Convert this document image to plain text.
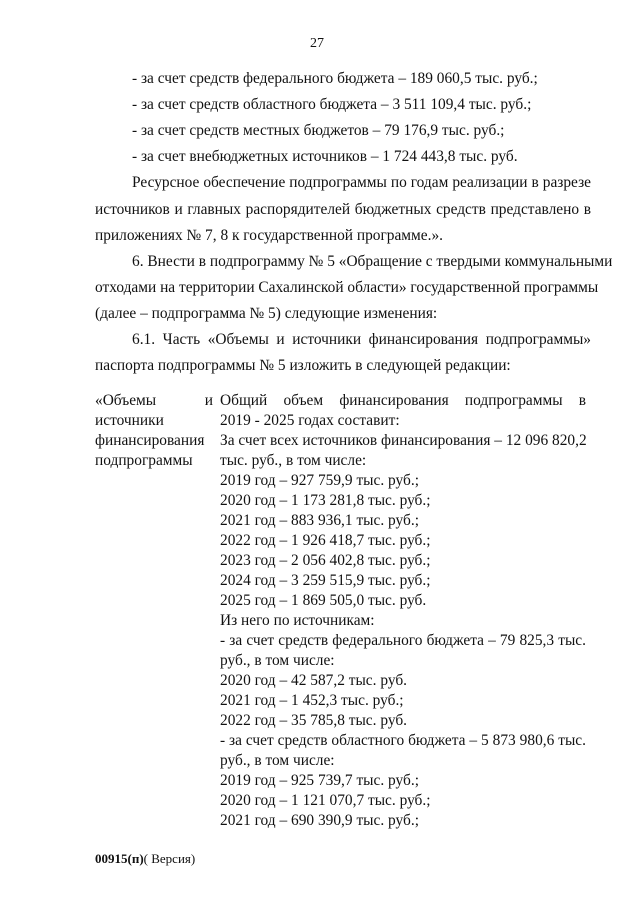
27
- за счет средств федерального бюджета – 189 060,5 тыс. руб.;
- за счет средств областного бюджета – 3 511 109,4 тыс. руб.;
- за счет средств местных бюджетов – 79 176,9 тыс. руб.;
- за счет внебюджетных источников – 1 724 443,8 тыс. руб.
Ресурсное обеспечение подпрограммы по годам реализации в разрезе
источников и главных распорядителей бюджетных средств представлено в
приложениях № 7, 8 к государственной программе.».
6. Внести в подпрограмму № 5 «Обращение с твердыми коммунальными
отходами на территории Сахалинской области» государственной программы
(далее – подпрограмма № 5) следующие изменения:
6.1. Часть «Объемы и источники финансирования подпрограммы»
паспорта подпрограммы № 5 изложить в следующей редакции:
«Объемы и
источники
финансирования
подпрограммы
Общий объем финансирования подпрограммы в
2019 - 2025 годах составит:
За счет всех источников финансирования – 12 096 820,2
тыс. руб., в том числе:
2019 год – 927 759,9 тыс. руб.;
2020 год – 1 173 281,8 тыс. руб.;
2021 год – 883 936,1 тыс. руб.;
2022 год – 1 926 418,7 тыс. руб.;
2023 год – 2 056 402,8 тыс. руб.;
2024 год – 3 259 515,9 тыс. руб.;
2025 год – 1 869 505,0 тыс. руб.
Из него по источникам:
- за счет средств федерального бюджета – 79 825,3 тыс.
руб., в том числе:
2020 год – 42 587,2 тыс. руб.
2021 год – 1 452,3 тыс. руб.;
2022 год – 35 785,8 тыс. руб.
- за счет средств областного бюджета – 5 873 980,6 тыс.
руб., в том числе:
2019 год – 925 739,7 тыс. руб.;
2020 год – 1 121 070,7 тыс. руб.;
2021 год – 690 390,9 тыс. руб.;
00915(п)( Версия)
